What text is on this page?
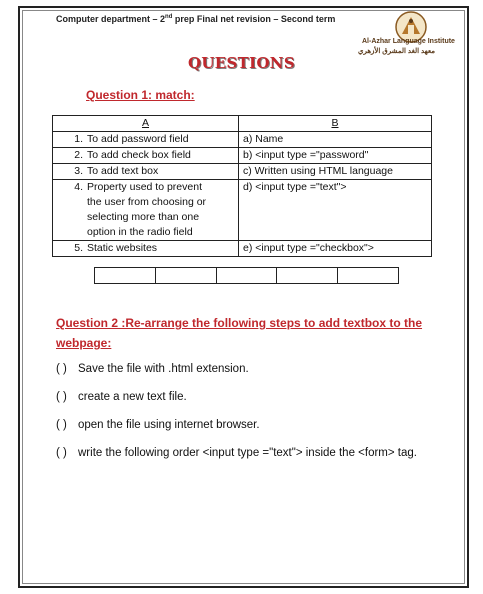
Computer department – 2nd prep Final net revision – Second term
Al-Azhar Language Institute
معهد الغد المشرق الأزهري
QUESTIONS
Question 1: match:
A	B
1. To add password field	a) Name
2. To add check box field	b) <input type ="password"
3. To add text box	c) Written using HTML language

4. Property used to prevent
the user from choosing or
selecting more than one
option in the radio field	d) <input type ="text">
5. Static websites	e) <input type ="checkbox">

Question 2 :Re-arrange the following steps to add textbox to the webpage:
( ) Save the file with .html extension.
( ) create a new text file.
( ) open the file using internet browser.
( ) write the following order <input type ="text"> inside the <form> tag.
